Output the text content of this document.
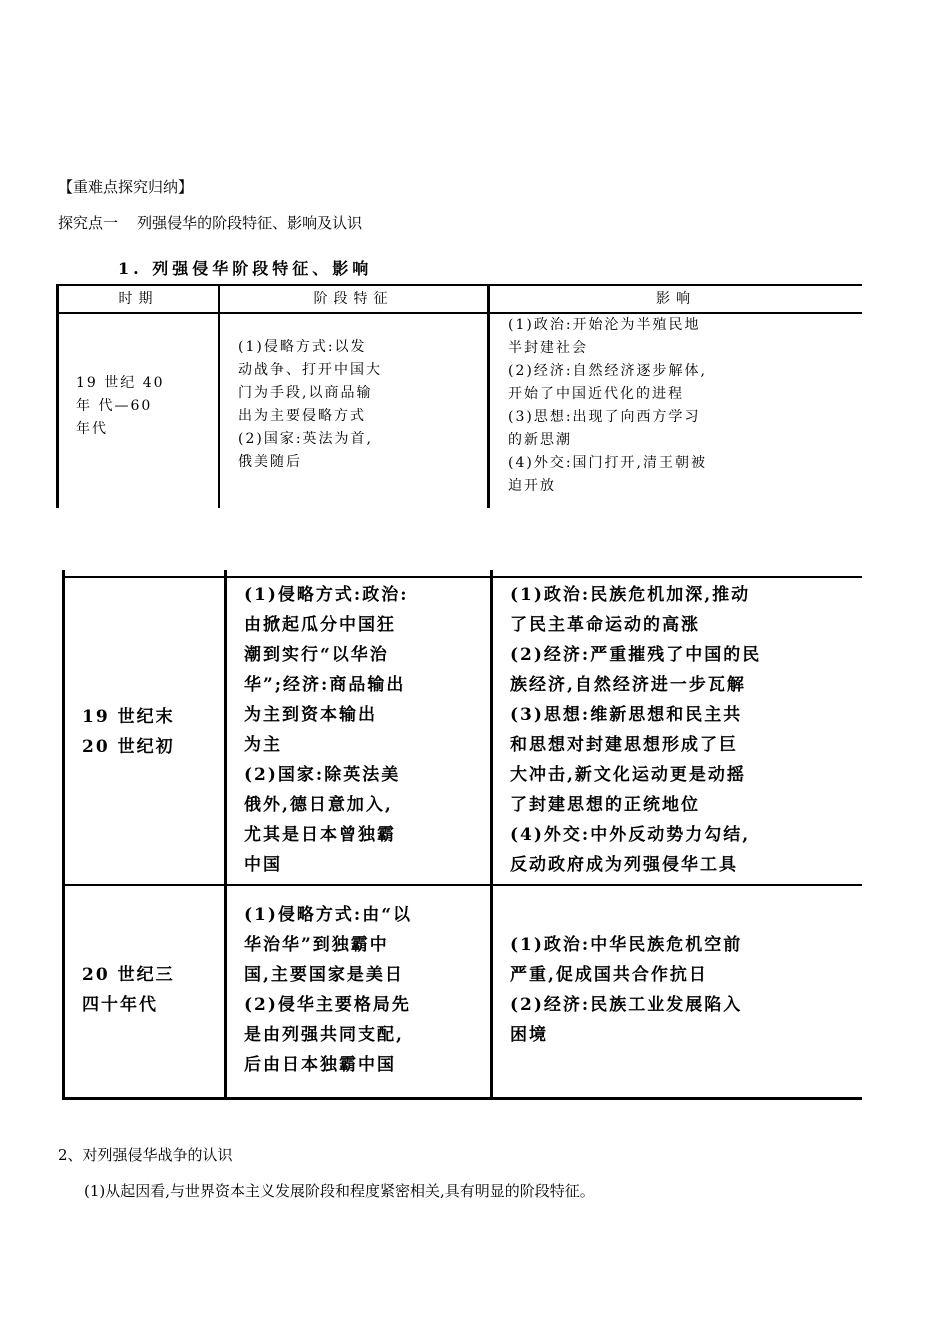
【重难点探究归纳】
探究点一    列强侵华的阶段特征、影响及认识
1. 列强侵华阶段特征、影响
时期	阶段特征	影响
19 世纪 40
年 代—60
年代
(1)侵略方式:以发
动战争、打开中国大
门为手段,以商品输
出为主要侵略方式
(2)国家:英法为首,
俄美随后
(1)政治:开始沦为半殖民地
半封建社会
(2)经济:自然经济逐步解体,
开始了中国近代化的进程
(3)思想:出现了向西方学习
的新思潮
(4)外交:国门打开,清王朝被
迫开放
19 世纪末
20 世纪初
(1)侵略方式:政治:
由掀起瓜分中国狂
潮到实行“以华治
华”;经济:商品输出
为主到资本输出
为主
(2)国家:除英法美
俄外,德日意加入,
尤其是日本曾独霸
中国
(1)政治:民族危机加深,推动
了民主革命运动的高涨
(2)经济:严重摧残了中国的民
族经济,自然经济进一步瓦解
(3)思想:维新思想和民主共
和思想对封建思想形成了巨
大冲击,新文化运动更是动摇
了封建思想的正统地位
(4)外交:中外反动势力勾结,
反动政府成为列强侵华工具
20 世纪三
四十年代
(1)侵略方式:由“以
华治华”到独霸中
国,主要国家是美日
(2)侵华主要格局先
是由列强共同支配,
后由日本独霸中国
(1)政治:中华民族危机空前
严重,促成国共合作抗日
(2)经济:民族工业发展陷入
困境
2、对列强侵华战争的认识
(1)从起因看,与世界资本主义发展阶段和程度紧密相关,具有明显的阶段特征。
